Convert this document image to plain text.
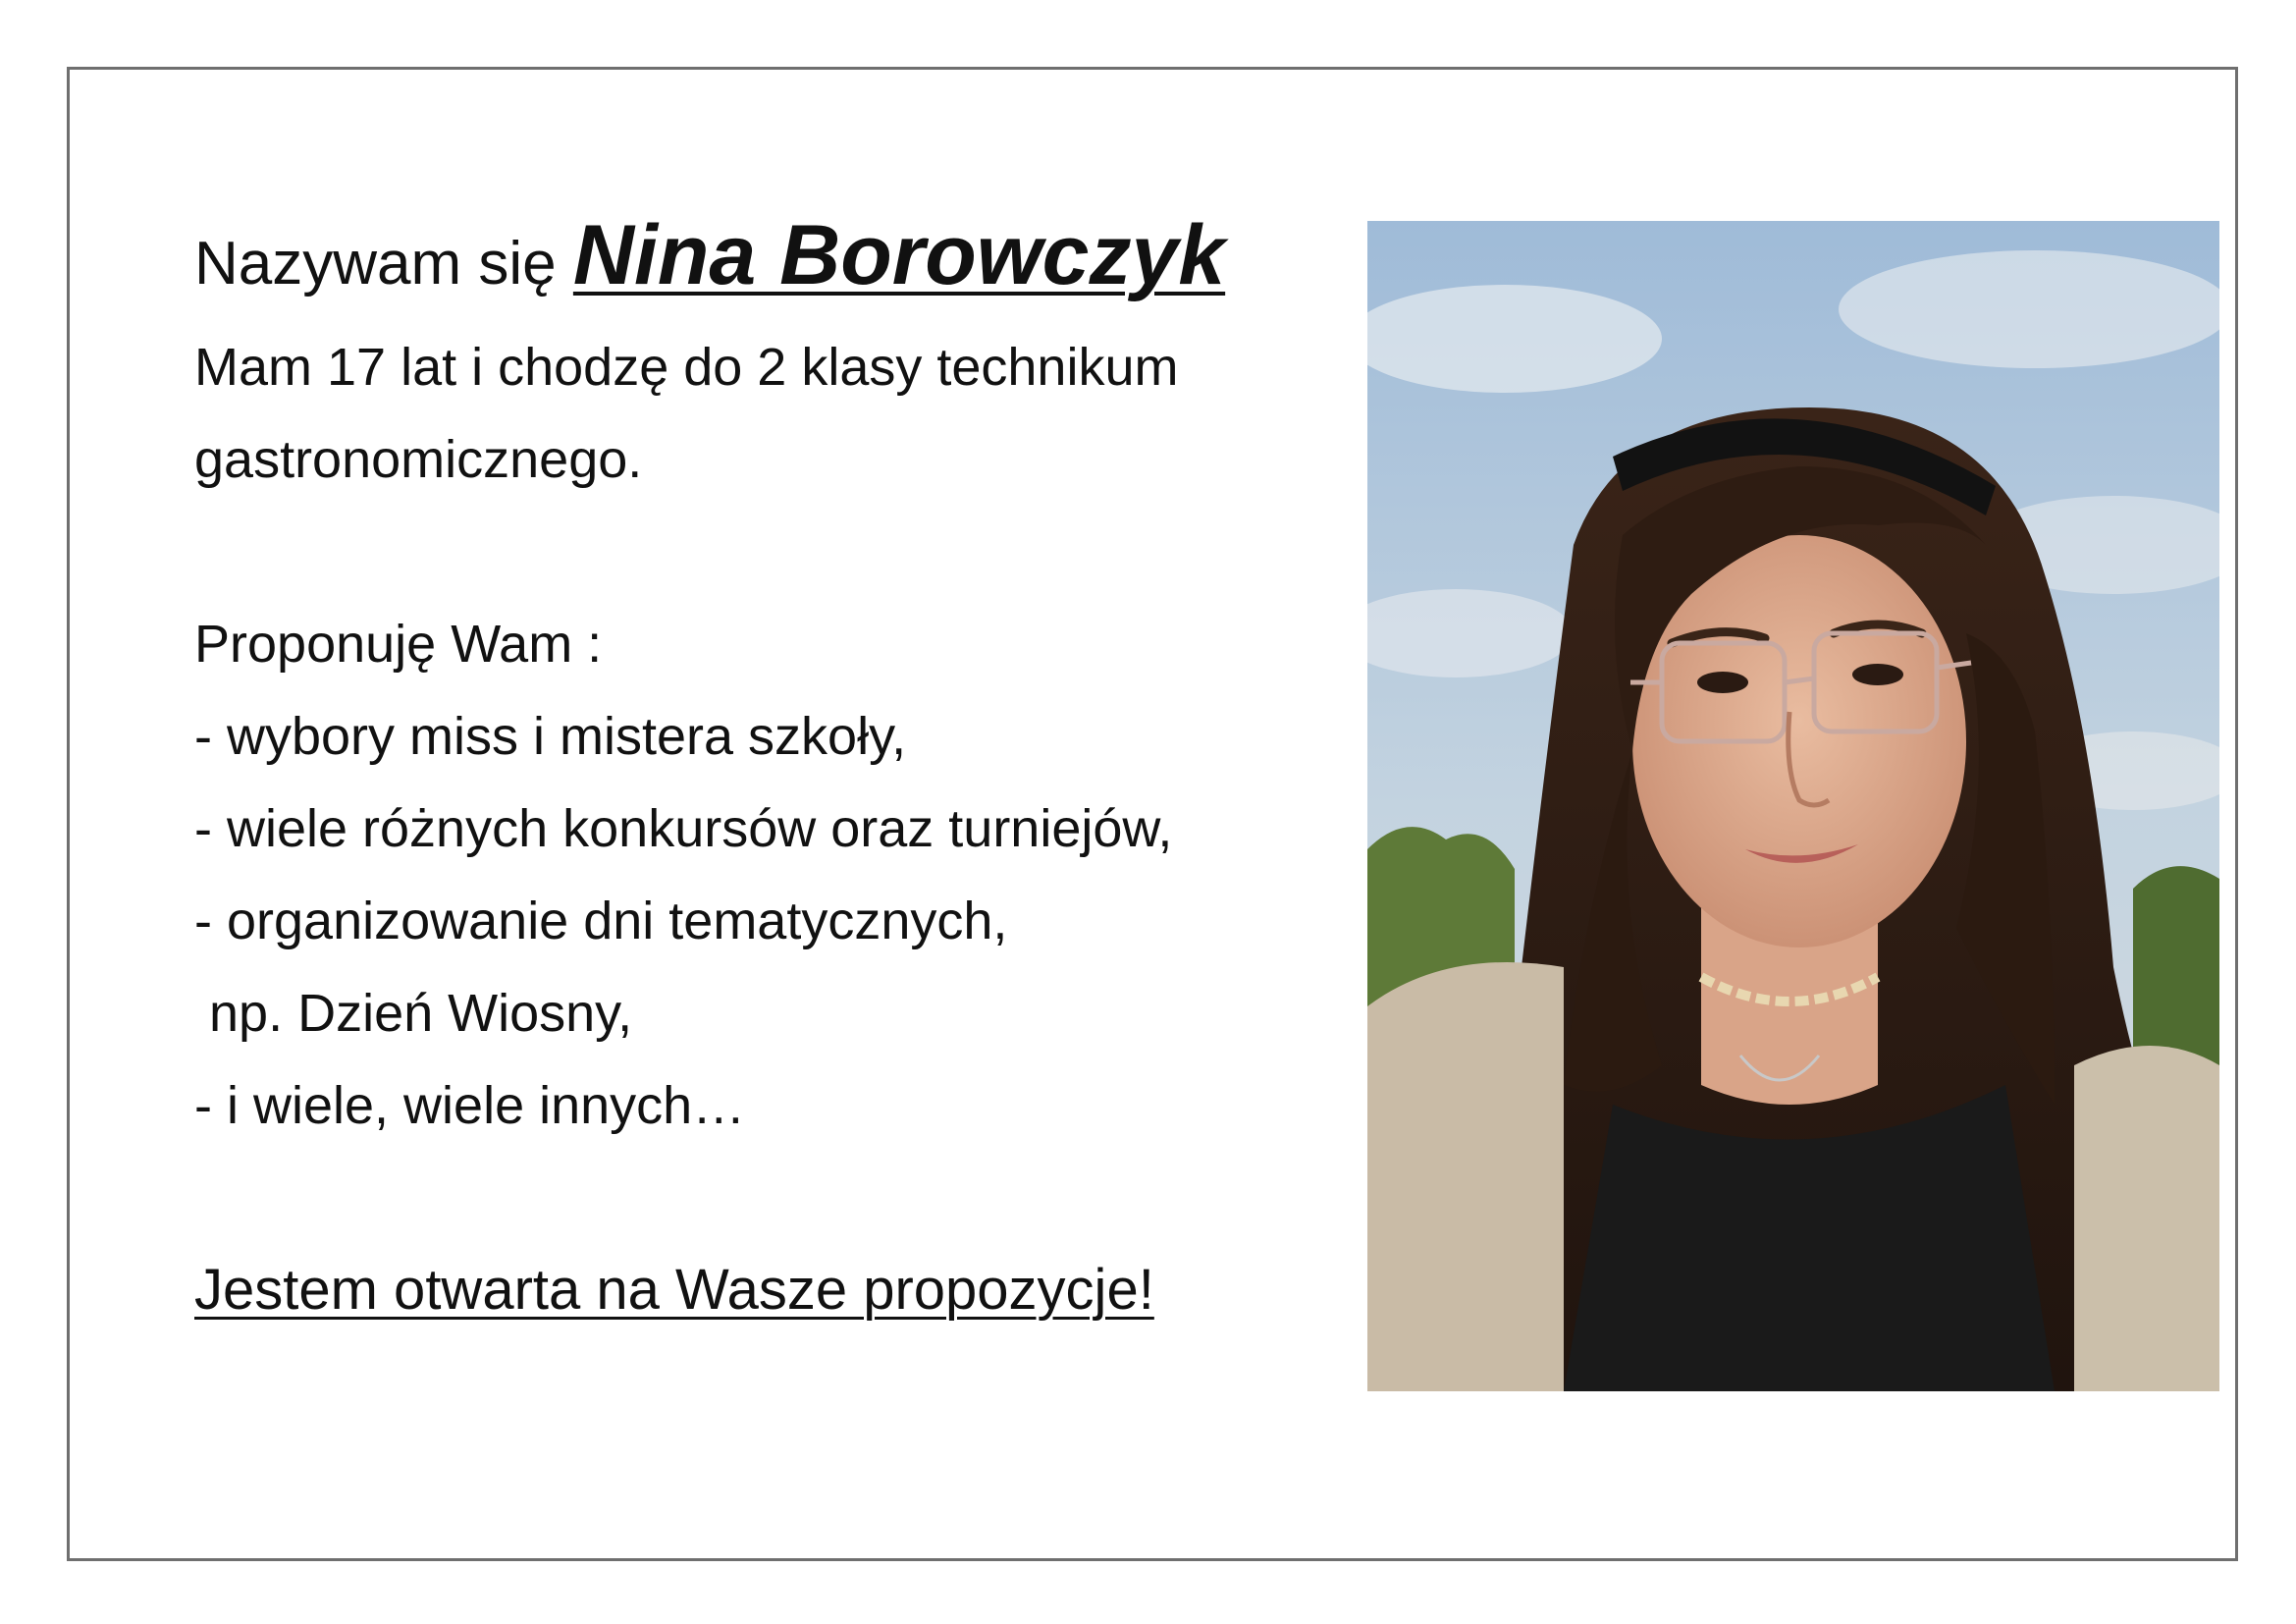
Nazywam się Nina Borowczyk

Mam 17 lat i chodzę do 2 klasy technikum
gastronomicznego.

Proponuję Wam :
- wybory miss i mistera szkoły,
- wiele różnych konkursów oraz turniejów,
- organizowanie dni tematycznych,
np. Dzień Wiosny,
- i wiele, wiele innych…

Jestem otwarta na Wasze propozycje!
